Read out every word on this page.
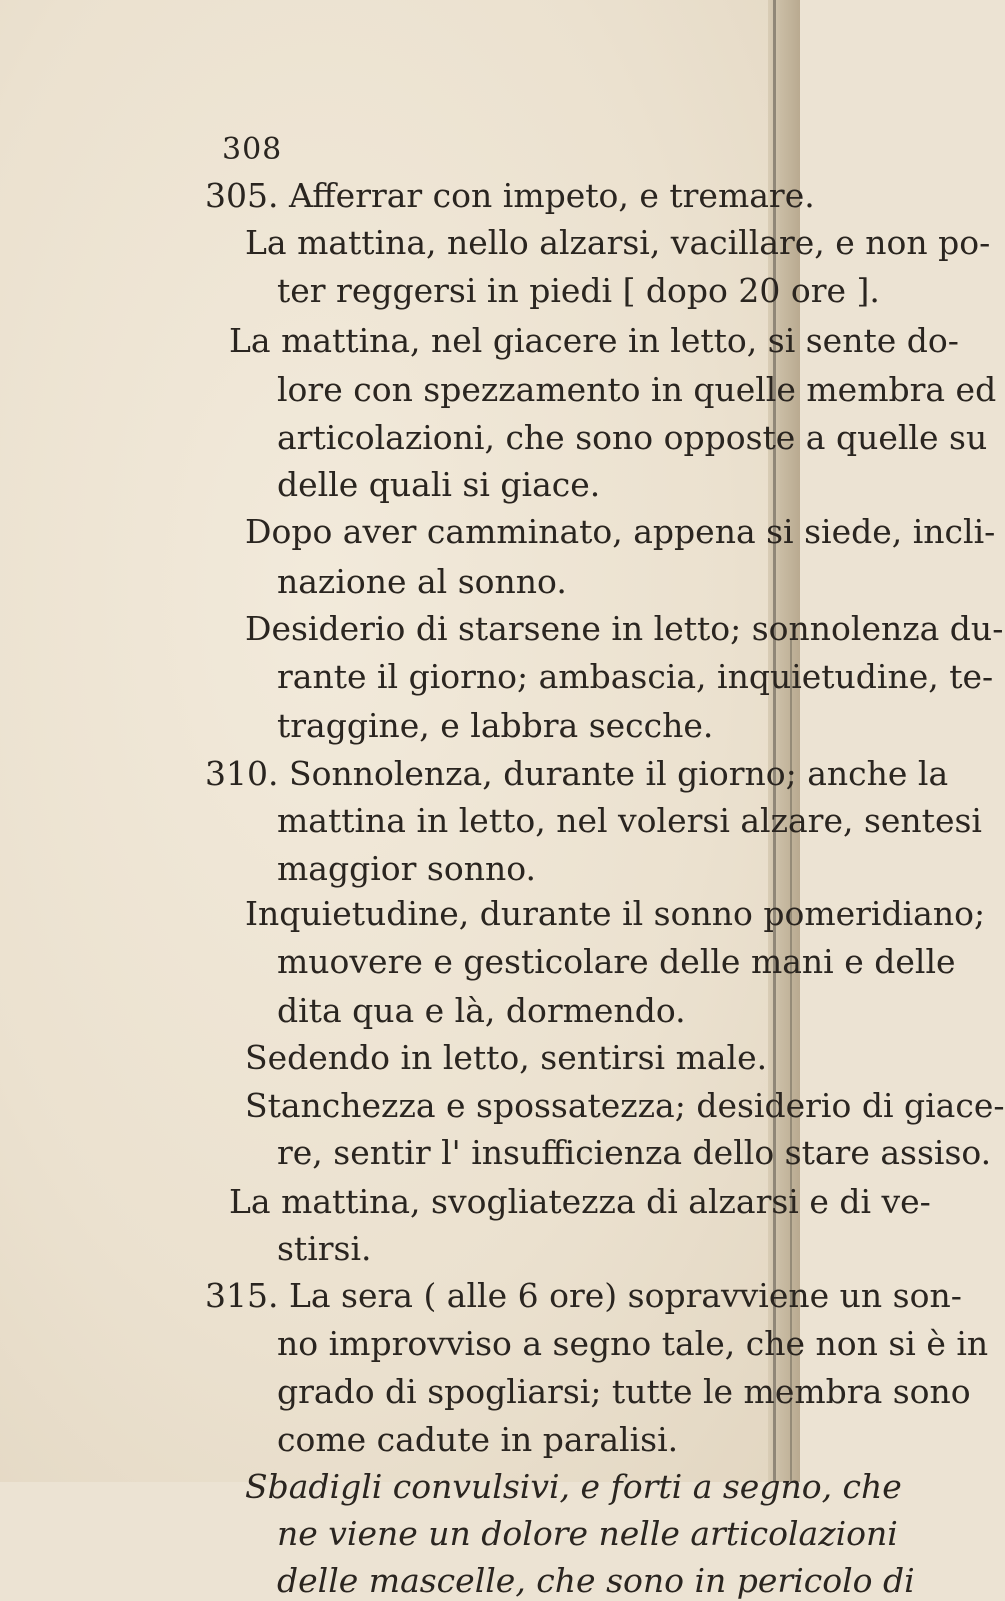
308
305. Afferrar con impeto, e tremare.
La mattina, nello alzarsi, vacillare, e non po-
ter reggersi in piedi [ dopo 20 ore ].
La mattina, nel giacere in letto, si sente do-
lore con spezzamento in quelle membra ed
articolazioni, che sono opposte a quelle su
delle quali si giace.
Dopo aver camminato, appena si siede, incli-
nazione al sonno.
Desiderio di starsene in letto; sonnolenza du-
rante il giorno; ambascia, inquietudine, te-
traggine, e labbra secche.
310. Sonnolenza, durante il giorno; anche la
mattina in letto, nel volersi alzare, sentesi
maggior sonno.
Inquietudine, durante il sonno pomeridiano;
muovere e gesticolare delle mani e delle
dita qua e là, dormendo.
Sedendo in letto, sentirsi male.
Stanchezza e spossatezza; desiderio di giace-
re, sentir l' insufficienza dello stare assiso.
La mattina, svogliatezza di alzarsi e di ve-
stirsi.
315. La sera ( alle 6 ore) sopravviene un son-
no improvviso a segno tale, che non si è in
grado di spogliarsi; tutte le membra sono
come cadute in paralisi.
Sbadigli convulsivi, e forti a segno, che
ne viene un dolore nelle articolazioni
delle mascelle, che sono in pericolo di
